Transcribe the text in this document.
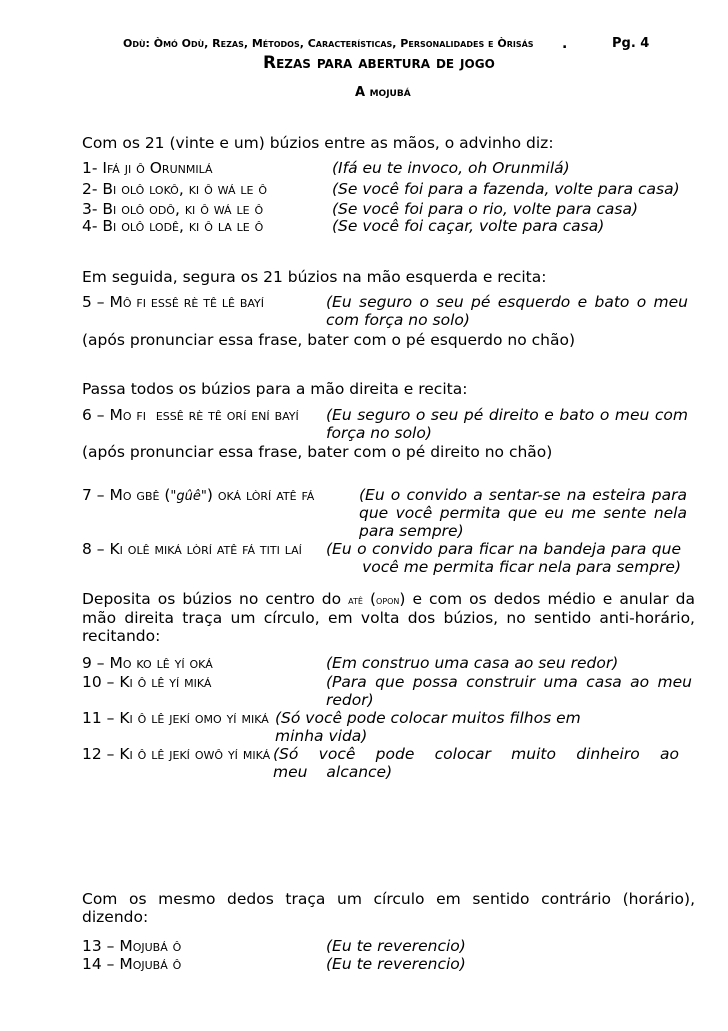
Odù: Òmó Odù, Rezas, Métodos, Características, Personalidades e Òrisás	.	Pg. 4
Rezas para abertura de jogo
A mojubá
Com os 21 (vinte e um) búzios entre as mãos, o advinho diz:
1- Ifá ji ô Orunmilá	(Ifá eu te invoco, oh Orunmilá)
2- Bi olô lokô, ki ô wá le ô	(Se você foi para a fazenda, volte para casa)
3- Bi olô odô, ki ô wá le ô	(Se você foi para o rio, volte para casa)
4- Bi olô lodê, ki ô la le ô	(Se você foi caçar, volte para casa)
Em seguida, segura os 21 búzios na mão esquerda e recita:
5 – Mô fi essê rè tê lê bayí	(Eu seguro o seu pé esquerdo e bato o meu com força no solo)
(após pronunciar essa frase, bater com o pé esquerdo no chão)
Passa todos os búzios para a mão direita e recita:
6 – Mo fi  essê rè tê orí ení bayí (Eu seguro o seu pé direito e bato o meu com força no solo)
(após pronunciar essa frase, bater com o pé direito no chão)
7 – Mo gbê ("gûê") oká lòrí atê fá	(Eu o convido a sentar-se na esteira para que você permita que eu me sente nela para sempre)
8 – Ki olê miká lòrí atê fá titi laí (Eu o convido para ficar na bandeja para que você me permita ficar nela para sempre)
Deposita os búzios no centro do atê (opon) e com os dedos médio e anular da mão direita traça um círculo, em volta dos búzios, no sentido anti-horário, recitando:
9 – Mo ko lê yí oká	(Em construo uma casa ao seu redor)
10 – Ki ô lê yí miká	(Para que possa construir uma casa ao meu redor)
11 – Ki ô lê jekí omo yí miká (Só você pode colocar muitos filhos em minha vida)
12 – Ki ô lê jekí owô yí miká (Só você pode colocar muito dinheiro ao meu alcance)
Com os mesmo dedos traça um círculo em sentido contrário (horário), dizendo:
13 – Mojubá ô	(Eu te reverencio)
14 – Mojubá ô	(Eu te reverencio)
